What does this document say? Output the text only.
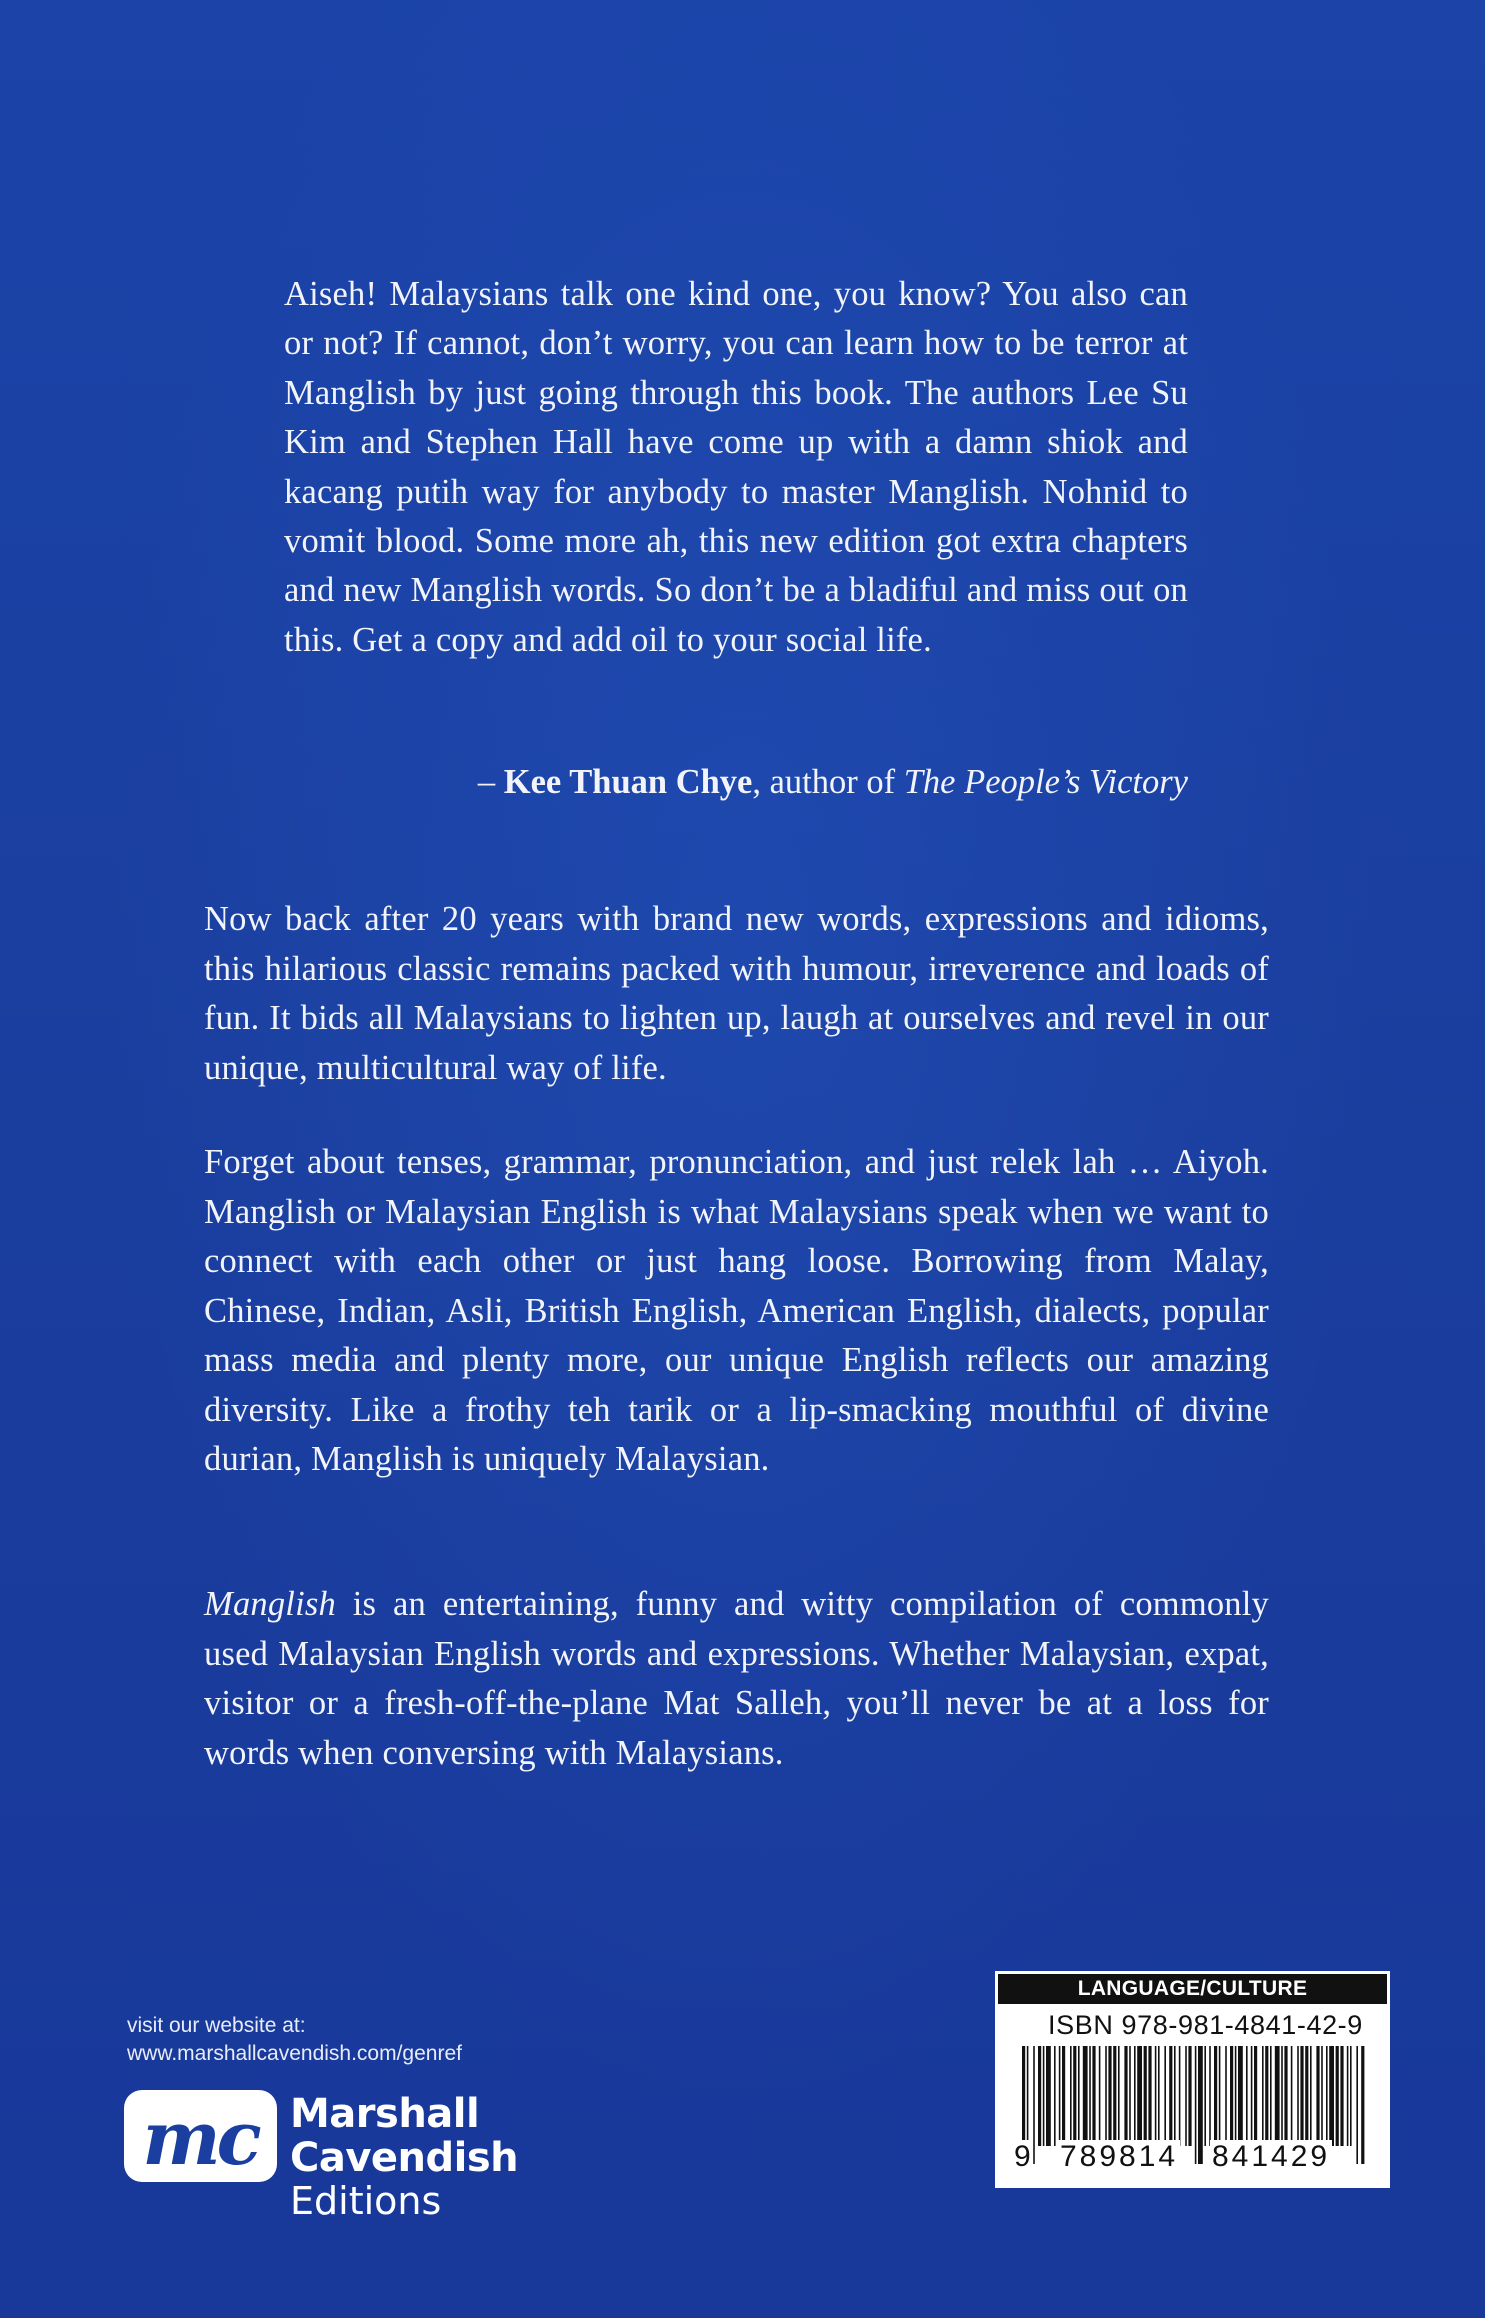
Aiseh! Malaysians talk one kind one, you know? You also can or not? If cannot, don’t worry, you can learn how to be terror at Manglish by just going through this book. The authors Lee Su Kim and Stephen Hall have come up with a damn shiok and kacang putih way for anybody to master Manglish. Nohnid to vomit blood. Some more ah, this new edition got extra chapters and new Manglish words. So don’t be a bladiful and miss out on this. Get a copy and add oil to your social life.
– Kee Thuan Chye, author of The People’s Victory
Now back after 20 years with brand new words, expressions and idioms, this hilarious classic remains packed with humour, irreverence and loads of fun. It bids all Malaysians to lighten up, laugh at ourselves and revel in our unique, multicultural way of life.
Forget about tenses, grammar, pronunciation, and just relek lah … Aiyoh. Manglish or Malaysian English is what Malaysians speak when we want to connect with each other or just hang loose. Borrowing from Malay, Chinese, Indian, Asli, British English, American English, dialects, popular mass media and plenty more, our unique English reflects our amazing diversity. Like a frothy teh tarik or a lip-smacking mouthful of divine durian, Manglish is uniquely Malaysian.
Manglish is an entertaining, funny and witty compilation of commonly used Malaysian English words and expressions. Whether Malaysian, expat, visitor or a fresh-off-the-plane Mat Salleh, you’ll never be at a loss for words when conversing with Malaysians.
visit our website at:
www.marshallcavendish.com/genref
mc Marshall Cavendish
Editions
LANGUAGE/CULTURE
ISBN 978-981-4841-42-9
9 789814 841429
